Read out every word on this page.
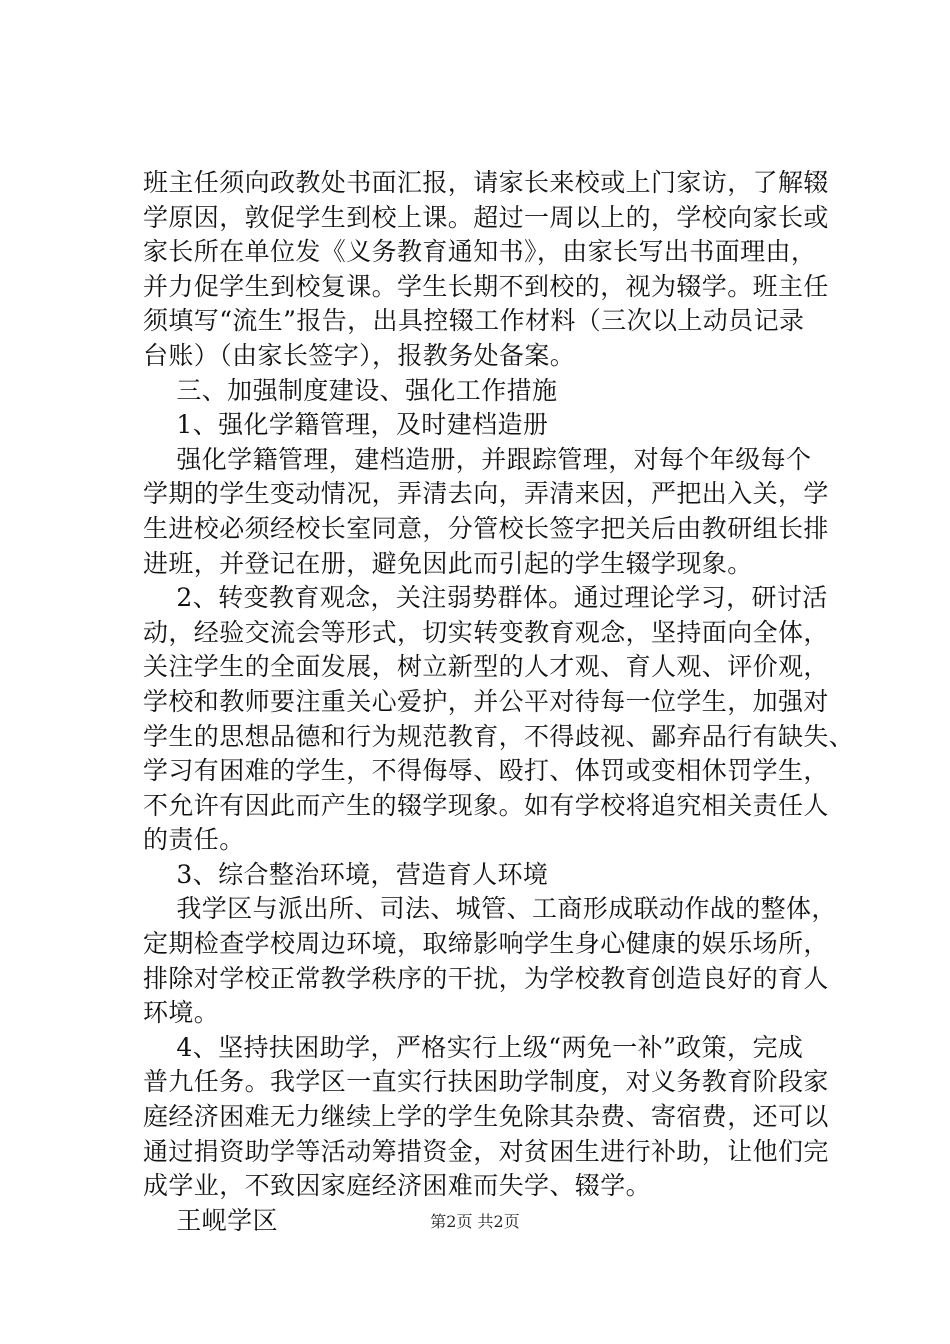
班主任须向政教处书面汇报，请家长来校或上门家访，了解辍
学原因，敦促学生到校上课。超过一周以上的，学校向家长或
家长所在单位发《义务教育通知书》，由家长写出书面理由，
并力促学生到校复课。学生长期不到校的，视为辍学。班主任
须填写“流生”报告，出具控辍工作材料（三次以上动员记录
台账）（由家长签字），报教务处备案。
三、加强制度建设、强化工作措施
1、强化学籍管理，及时建档造册
强化学籍管理，建档造册，并跟踪管理，对每个年级每个
学期的学生变动情况，弄清去向，弄清来因，严把出入关，学
生进校必须经校长室同意，分管校长签字把关后由教研组长排
进班，并登记在册，避免因此而引起的学生辍学现象。
2、转变教育观念，关注弱势群体。通过理论学习，研讨活
动，经验交流会等形式，切实转变教育观念，坚持面向全体，
关注学生的全面发展，树立新型的人才观、育人观、评价观，
学校和教师要注重关心爱护，并公平对待每一位学生，加强对
学生的思想品德和行为规范教育，不得歧视、鄙弃品行有缺失、
学习有困难的学生，不得侮辱、殴打、体罚或变相休罚学生，
不允许有因此而产生的辍学现象。如有学校将追究相关责任人
的责任。
3、综合整治环境，营造育人环境
我学区与派出所、司法、城管、工商形成联动作战的整体，
定期检查学校周边环境，取缔影响学生身心健康的娱乐场所，
排除对学校正常教学秩序的干扰，为学校教育创造良好的育人
环境。
4、坚持扶困助学，严格实行上级“两免一补”政策，完成
普九任务。我学区一直实行扶困助学制度，对义务教育阶段家
庭经济困难无力继续上学的学生免除其杂费、寄宿费，还可以
通过捐资助学等活动筹措资金，对贫困生进行补助，让他们完
成学业，不致因家庭经济困难而失学、辍学。
王岘学区	第2页 共2页
